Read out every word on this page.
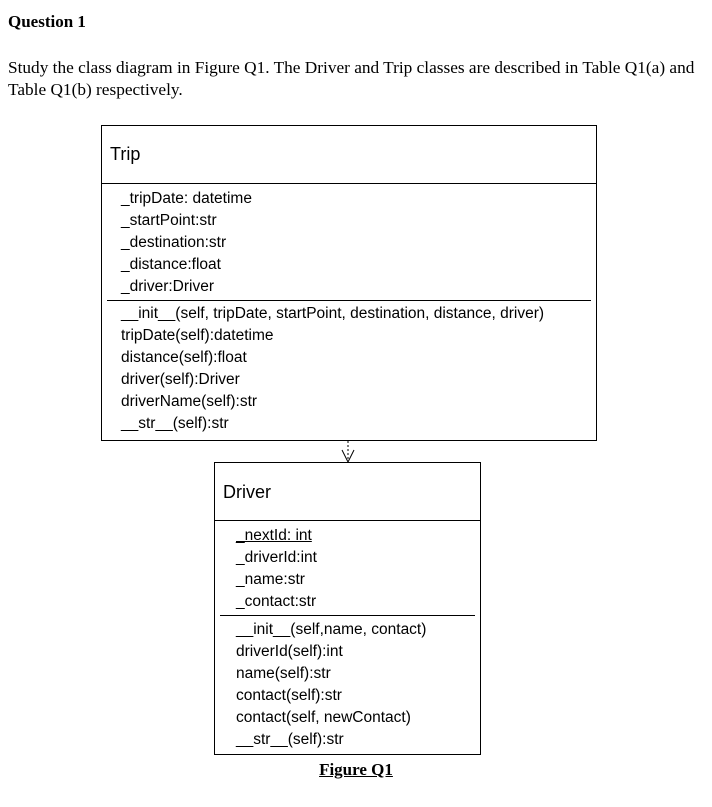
Question 1
Study the class diagram in Figure Q1. The Driver and Trip classes are described in Table Q1(a) and Table Q1(b) respectively.
Trip
_tripDate: datetime
_startPoint:str
_destination:str
_distance:float
_driver:Driver
__init__(self, tripDate, startPoint, destination, distance, driver)
tripDate(self):datetime
distance(self):float
driver(self):Driver
driverName(self):str
__str__(self):str
Driver
_nextId: int
_driverId:int
_name:str
_contact:str
__init__(self,name, contact)
driverId(self):int
name(self):str
contact(self):str
contact(self, newContact)
__str__(self):str
Figure Q1
